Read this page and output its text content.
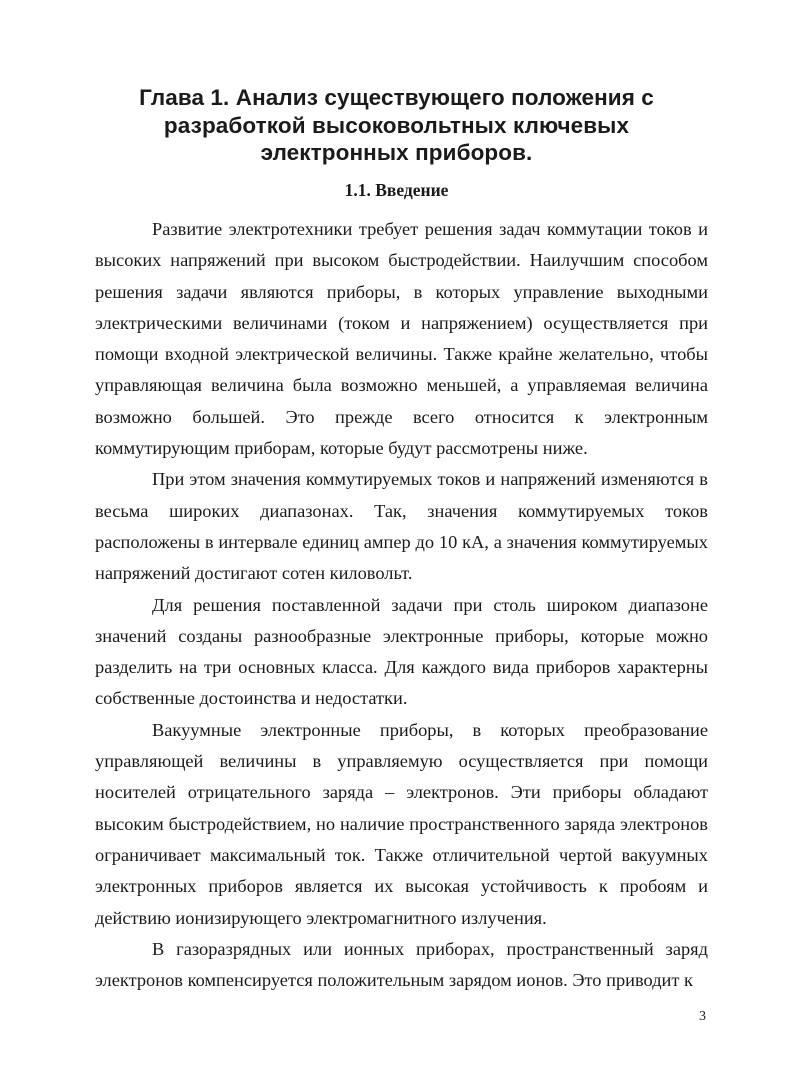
Глава 1. Анализ существующего положения с разработкой высоковольтных ключевых электронных приборов.
1.1. Введение

Развитие электротехники требует решения задач коммутации токов и высоких напряжений при высоком быстродействии. Наилучшим способом решения задачи являются приборы, в которых управление выходными электрическими величинами (током и напряжением) осуществляется при помощи входной электрической величины. Также крайне желательно, чтобы управляющая величина была возможно меньшей, а управляемая величина возможно большей. Это прежде всего относится к электронным коммутирующим приборам, которые будут рассмотрены ниже.

При этом значения коммутируемых токов и напряжений изменяются в весьма широких диапазонах. Так, значения коммутируемых токов расположены в интервале единиц ампер до 10 кА, а значения коммутируемых напряжений достигают сотен киловольт.

Для решения поставленной задачи при столь широком диапазоне значений созданы разнообразные электронные приборы, которые можно разделить на три основных класса. Для каждого вида приборов характерны собственные достоинства и недостатки.

Вакуумные электронные приборы, в которых преобразование управляющей величины в управляемую осуществляется при помощи носителей отрицательного заряда – электронов. Эти приборы обладают высоким быстродействием, но наличие пространственного заряда электронов ограничивает максимальный ток. Также отличительной чертой вакуумных электронных приборов является их высокая устойчивость к пробоям и действию ионизирующего электромагнитного излучения.

В газоразрядных или ионных приборах, пространственный заряд электронов компенсируется положительным зарядом ионов. Это приводит к

3
